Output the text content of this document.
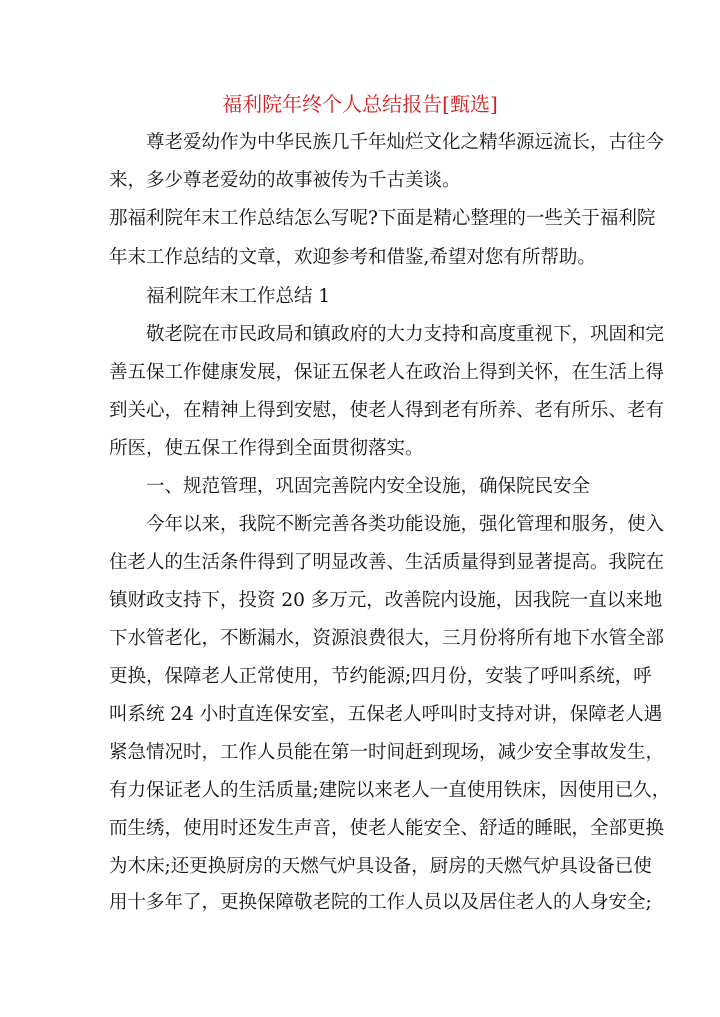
福利院年终个人总结报告[甄选]
尊老爱幼作为中华民族几千年灿烂文化之精华源远流长，古往今
来，多少尊老爱幼的故事被传为千古美谈。
那福利院年末工作总结怎么写呢?下面是精心整理的一些关于福利院
年末工作总结的文章，欢迎参考和借鉴,希望对您有所帮助。
福利院年末工作总结 1
敬老院在市民政局和镇政府的大力支持和高度重视下，巩固和完
善五保工作健康发展，保证五保老人在政治上得到关怀，在生活上得
到关心，在精神上得到安慰，使老人得到老有所养、老有所乐、老有
所医，使五保工作得到全面贯彻落实。
一、规范管理，巩固完善院内安全设施，确保院民安全
今年以来，我院不断完善各类功能设施，强化管理和服务，使入
住老人的生活条件得到了明显改善、生活质量得到显著提高。我院在
镇财政支持下，投资 20 多万元，改善院内设施，因我院一直以来地
下水管老化，不断漏水，资源浪费很大，三月份将所有地下水管全部
更换，保障老人正常使用，节约能源;四月份，安装了呼叫系统，呼
叫系统 24 小时直连保安室，五保老人呼叫时支持对讲，保障老人遇
紧急情况时，工作人员能在第一时间赶到现场，减少安全事故发生，
有力保证老人的生活质量;建院以来老人一直使用铁床，因使用已久，
而生绣，使用时还发生声音，使老人能安全、舒适的睡眠，全部更换
为木床;还更换厨房的天燃气炉具设备，厨房的天燃气炉具设备已使
用十多年了，更换保障敬老院的工作人员以及居住老人的人身安全;
